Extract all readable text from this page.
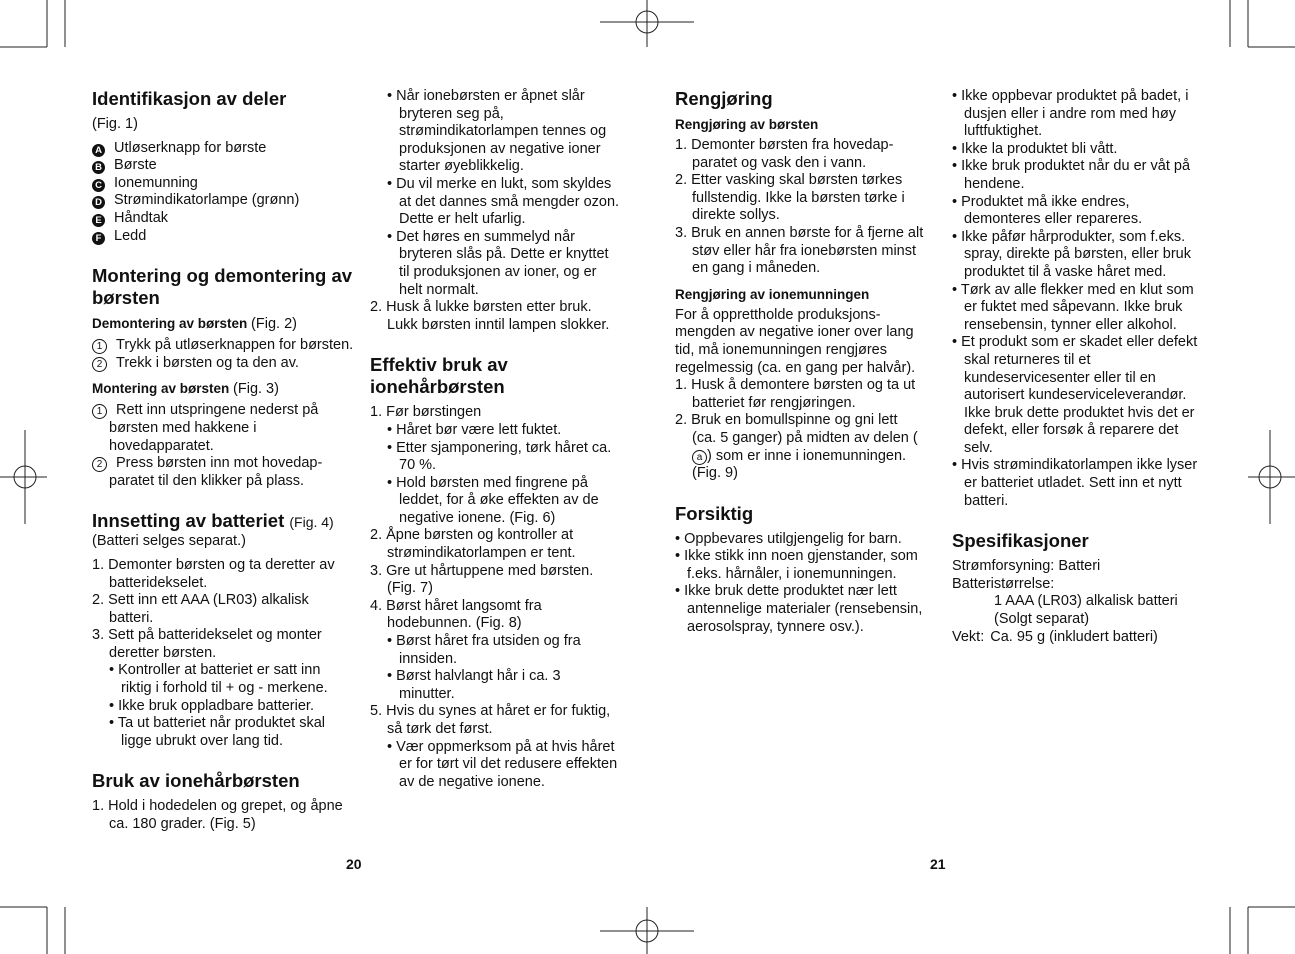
Identifikasjon av deler

(Fig. 1)

A Utløserknapp for børste
B Børste
C Ionemunning
D Strømindikatorlampe (grønn)
E Håndtak
F Ledd
Montering og demontering av børsten
Demontering av børsten (Fig. 2)

1 Trykk på utløserknappen for børsten.

2 Trekk i børsten og ta den av.

Montering av børsten (Fig. 3)

1 Rett inn utspringene nederst på børsten med hakkene i hovedapparatet.

2 Press børsten inn mot hovedap-paratet til den klikker på plass.

Innsetting av batteriet (Fig. 4)

(Batteri selges separat.)

1. Demonter børsten og ta deretter av batteridekselet.

2. Sett inn ett AAA (LR03) alkalisk batteri.

3. Sett på batteridekselet og monter deretter børsten.

• Kontroller at batteriet er satt inn riktig i forhold til + og - merkene.

• Ikke bruk oppladbare batterier.

• Ta ut batteriet når produktet skal ligge ubrukt over lang tid.

Bruk av ionehårbørsten

1. Hold i hodedelen og grepet, og åpne ca. 180 grader. (Fig. 5)

• Når ionebørsten er åpnet slår bryteren seg på, strømindikatorlampen tennes og produksjonen av negative ioner starter øyeblikkelig.

• Du vil merke en lukt, som skyldes at det dannes små mengder ozon. Dette er helt ufarlig.

• Det høres en summelyd når bryteren slås på. Dette er knyttet til produksjonen av ioner, og er helt normalt.

2. Husk å lukke børsten etter bruk. Lukk børsten inntil lampen slokker.

Effektiv bruk av ionehårbørsten

1. Før børstingen

• Håret bør være lett fuktet.

• Etter sjamponering, tørk håret ca. 70 %.

• Hold børsten med fingrene på leddet, for å øke effekten av de negative ionene. (Fig. 6)

2. Åpne børsten og kontroller at strømindikatorlampen er tent.

3. Gre ut hårtuppene med børsten. (Fig. 7)

4. Børst håret langsomt fra hodebunnen. (Fig. 8)

• Børst håret fra utsiden og fra innsiden.

• Børst halvlangt hår i ca. 3 minutter.

5. Hvis du synes at håret er for fuktig, så tørk det først.

• Vær oppmerksom på at hvis håret er for tørt vil det redusere effekten av de negative ionene.

Rengjøring
Rengjøring av børsten

1. Demonter børsten fra hovedap-paratet og vask den i vann.

2. Etter vasking skal børsten tørkes fullstendig. Ikke la børsten tørke i direkte sollys.

3. Bruk en annen børste for å fjerne alt støv eller hår fra ionebørsten minst en gang i måneden.

Rengjøring av ionemunningen

For å opprettholde produksjons-mengden av negative ioner over lang tid, må ionemunningen rengjøres regelmessig (ca. en gang per halvår).

1. Husk å demontere børsten og ta ut batteriet før rengjøringen.

2. Bruk en bomullspinne og gni lett (ca. 5 ganger) på midten av delen (a ) som er inne i ionemunningen. (Fig. 9)

Forsiktig

• Oppbevares utilgjengelig for barn.

• Ikke stikk inn noen gjenstander, som f.eks. hårnåler, i ionemunningen.

• Ikke bruk dette produktet nær lett antennelige materialer (rensebensin, aerosolspray, tynnere osv.).

• Ikke oppbevar produktet på badet, i dusjen eller i andre rom med høy luftfuktighet.

• Ikke la produktet bli vått.

• Ikke bruk produktet når du er våt på hendene.

• Produktet må ikke endres, demonteres eller repareres.

• Ikke påfør hårprodukter, som f.eks. spray, direkte på børsten, eller bruk produktet til å vaske håret med.

• Tørk av alle flekker med en klut som er fuktet med såpevann. Ikke bruk rensebensin, tynner eller alkohol.

• Et produkt som er skadet eller defekt skal returneres til et kundeservicesenter eller til en autorisert kundeserviceleverandør. Ikke bruk dette produktet hvis det er defekt, eller forsøk å reparere det selv.

• Hvis strømindikatorlampen ikke lyser er batteriet utladet. Sett inn et nytt batteri.

Spesifikasjoner

Strømforsyning: Batteri

Batteristørrelse:

1 AAA (LR03) alkalisk batteri

(Solgt separat)

Vekt: Ca. 95 g (inkludert batteri)
20	21
